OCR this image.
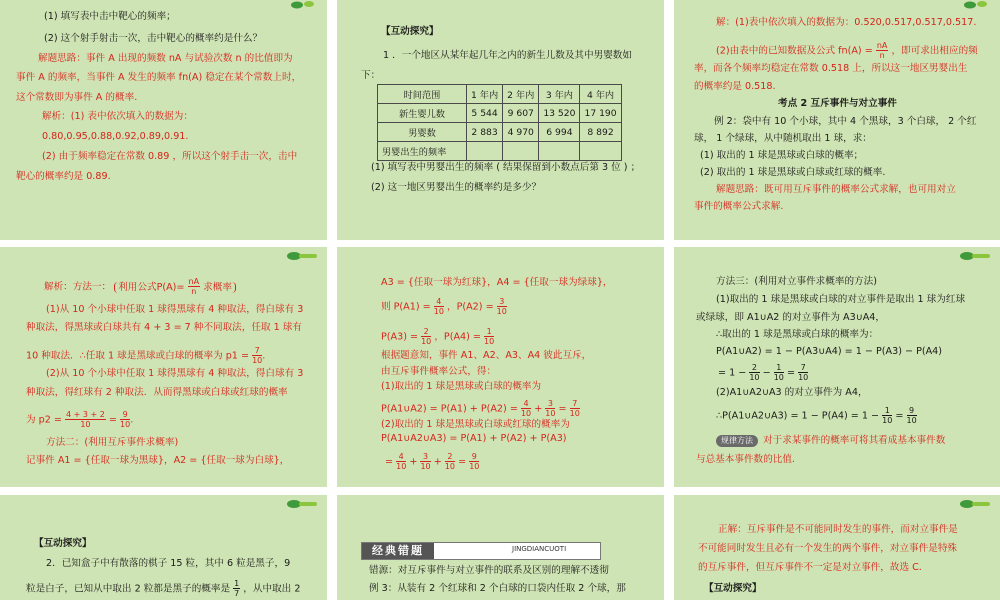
(1) 填写表中击中靶心的频率；
(2) 这个射手射击一次，击中靶心的概率约是什么？
解题思路：事件 A 出现的频数 nA 与试验次数 n 的比值即为
事件 A 的频率，当事件 A 发生的频率 fn(A) 稳定在某个常数上时，
这个常数即为事件 A 的概率.
解析：(1) 表中依次填入的数据为：
0.80,0.95,0.88,0.92,0.89,0.91.
(2) 由于频率稳定在常数 0.89 ，所以这个射手击一次，击中
靶心的概率约是 0.89.
【互动探究】
1 ．一个地区从某年起几年之内的新生儿数及其中男婴数如
下：
时间范围	1 年内	2 年内	3 年内	4 年内
新生婴儿数	5 544	9 607	13 520	17 190
男婴数	2 883	4 970	6 994	8 892
男婴出生的频率				
(1) 填写表中男婴出生的频率 ( 结果保留到小数点后第 3 位 ) ；
(2) 这一地区男婴出生的概率约是多少？
解：(1)表中依次填入的数据为：0.520,0.517,0.517,0.517.
(2)由表中的已知数据及公式 $fn(A) = \frac{nA}{n}$ ，即可求出相应的频
率，而各个频率均稳定在常数 0.518 上，所以这一地区男婴出生
的概率约是 0.518.
考点 2 互斥事件与对立事件
例 2：袋中有 10 个小球，其中 4 个黑球，3 个白球， 2 个红
球， 1 个绿球，从中随机取出 1 球，求：
(1) 取出的 1 球是黑球或白球的概率；
(2) 取出的 1 球是黑球或白球或红球的概率.
解题思路：既可用互斥事件的概率公式求解，也可用对立
事件的概率公式求解.
解析：方法一： 利用公式$P(A)= \frac{nA}{n}$ 求概率
(1)从 10 个小球中任取 1 球得黑球有 4 种取法，得白球有 3
种取法，得黑球或白球共有 4 + 3 = 7 种不同取法，任取 1 球有
10 种取法．∴任取 1 球是黑球或白球的概率为 $p1 = \frac{7}{10}$ .
(2)从 10 个小球中任取 1 球得黑球有 4 种取法，得白球有 3
种取法，得红球有 2 种取法．从而得黑球或白球或红球的概率
为 $p2 = \frac{4 + 3 + 2}{10} = \frac{9}{10}$ .
方法二：(利用互斥事件求概率)
记事件 A1 = {任取一球为黑球}，A2 = {任取一球为白球}，
A3 = {任取一球为红球}，A4 = {任取一球为绿球}，
则 $P(A1) = \frac{4}{10}$ ，$P(A2) = \frac{3}{10}$
$P(A3) = \frac{2}{10}$ ，$P(A4) = \frac{1}{10}$
根据题意知，事件 A1、A2、A3、A4 彼此互斥，
由互斥事件概率公式，得：
(1)取出的 1 球是黑球或白球的概率为
P(A1∪A2) = $P(A1) + P(A2) = \frac{4}{10} + \frac{3}{10} = \frac{7}{10}$
(2)取出的 1 球是黑球或白球或红球的概率为
P(A1∪A2∪A3) = P(A1) + P(A2) + P(A3)
= $\frac{4}{10} + \frac{3}{10} + \frac{2}{10} = \frac{9}{10}$
方法三：(利用对立事件求概率的方法)
(1)取出的 1 球是黑球或白球的对立事件是取出 1 球为红球
或绿球，即 A1∪A2 的对立事件为 A3∪A4，
∴取出的 1 球是黑球或白球的概率为：
P(A1∪A2) = 1 − P(A3∪A4) = 1 − P(A3) − P(A4)
= $1 - \frac{2}{10} - \frac{1}{10} = \frac{7}{10}$
(2)A1∪A2∪A3 的对立事件为 A4，
∴P(A1∪A2∪A3) = $1 - P(A4) = 1 - \frac{1}{10} = \frac{9}{10}$
规律方法 对于求某事件的概率可将其看成基本事件数
与总基本事件数的比值.
【互动探究】
2．已知盒子中有散落的棋子 15 粒，其中 6 粒是黑子，9
粒是白子，已知从中取出 2 粒都是黑子的概率是 $\frac{1}{7}$ ，从中取出 2
经典错题	JINGDIANCUOTI
错源：对互斥事件与对立事件的联系及区别的理解不透彻
例 3：从装有 2 个红球和 2 个白球的口袋内任取 2 个球，那
正解：互斥事件是不可能同时发生的事件，而对立事件是
不可能同时发生且必有一个发生的两个事件，对立事件是特殊
的互斥事件，但互斥事件不一定是对立事件，故选 C.
【互动探究】
